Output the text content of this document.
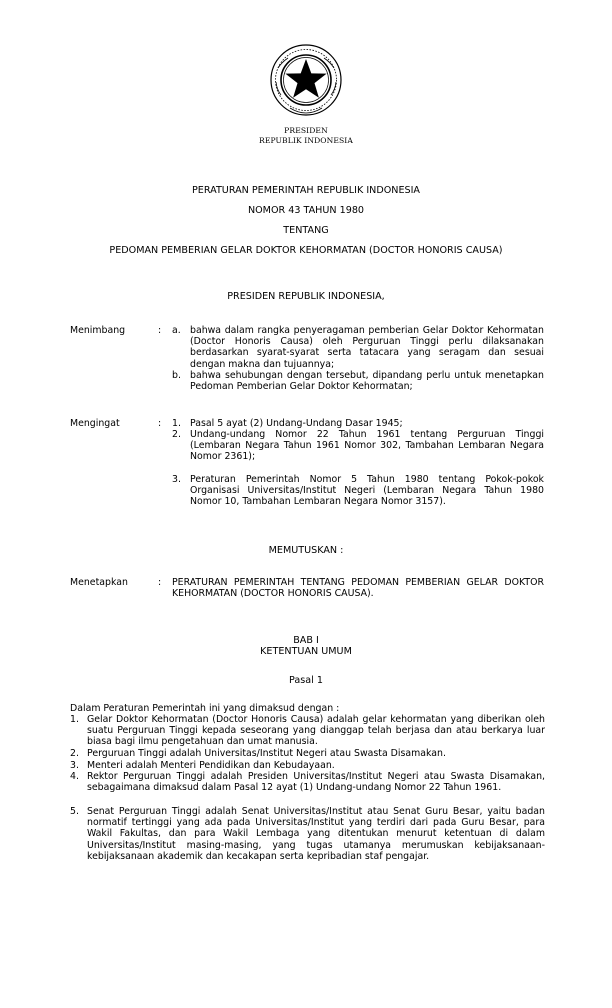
PRESIDEN
REPUBLIK INDONESIA
PERATURAN PEMERINTAH REPUBLIK INDONESIA
NOMOR 43 TAHUN 1980
TENTANG
PEDOMAN PEMBERIAN GELAR DOKTOR KEHORMATAN (DOCTOR HONORIS CAUSA)
PRESIDEN REPUBLIK INDONESIA,
Menimbang	: a. bahwa dalam rangka penyeragaman pemberian Gelar Doktor Kehormatan (Doctor Honoris Causa) oleh Perguruan Tinggi perlu dilaksanakan berdasarkan syarat-syarat serta tatacara yang seragam dan sesuai dengan makna dan tujuannya;
b. bahwa sehubungan dengan tersebut, dipandang perlu untuk menetapkan Pedoman Pemberian Gelar Doktor Kehormatan;
Mengingat	: 1. Pasal 5 ayat (2) Undang-Undang Dasar 1945;
2. Undang-undang Nomor 22 Tahun 1961 tentang Perguruan Tinggi (Lembaran Negara Tahun 1961 Nomor 302, Tambahan Lembaran Negara Nomor 2361);
3. Peraturan Pemerintah Nomor 5 Tahun 1980 tentang Pokok-pokok Organisasi Universitas/Institut Negeri (Lembaran Negara Tahun 1980 Nomor 10, Tambahan Lembaran Negara Nomor 3157).
MEMUTUSKAN :
Menetapkan	: PERATURAN PEMERINTAH TENTANG PEDOMAN PEMBERIAN GELAR DOKTOR KEHORMATAN (DOCTOR HONORIS CAUSA).
BAB I
KETENTUAN UMUM
Pasal 1
Dalam Peraturan Pemerintah ini yang dimaksud dengan :
1. Gelar Doktor Kehormatan (Doctor Honoris Causa) adalah gelar kehormatan yang diberikan oleh suatu Perguruan Tinggi kepada seseorang yang dianggap telah berjasa dan atau berkarya luar biasa bagi ilmu pengetahuan dan umat manusia.
2. Perguruan Tinggi adalah Universitas/Institut Negeri atau Swasta Disamakan.
3. Menteri adalah Menteri Pendidikan dan Kebudayaan.
4. Rektor Perguruan Tinggi adalah Presiden Universitas/Institut Negeri atau Swasta Disamakan, sebagaimana dimaksud dalam Pasal 12 ayat (1) Undang-undang Nomor 22 Tahun 1961.
5. Senat Perguruan Tinggi adalah Senat Universitas/Institut atau Senat Guru Besar, yaitu badan normatif tertinggi yang ada pada Universitas/Institut yang terdiri dari pada Guru Besar, para Wakil Fakultas, dan para Wakil Lembaga yang ditentukan menurut ketentuan di dalam Universitas/Institut masing-masing, yang tugas utamanya merumuskan kebijaksanaan-kebijaksanaan akademik dan kecakapan serta kepribadian staf pengajar.
